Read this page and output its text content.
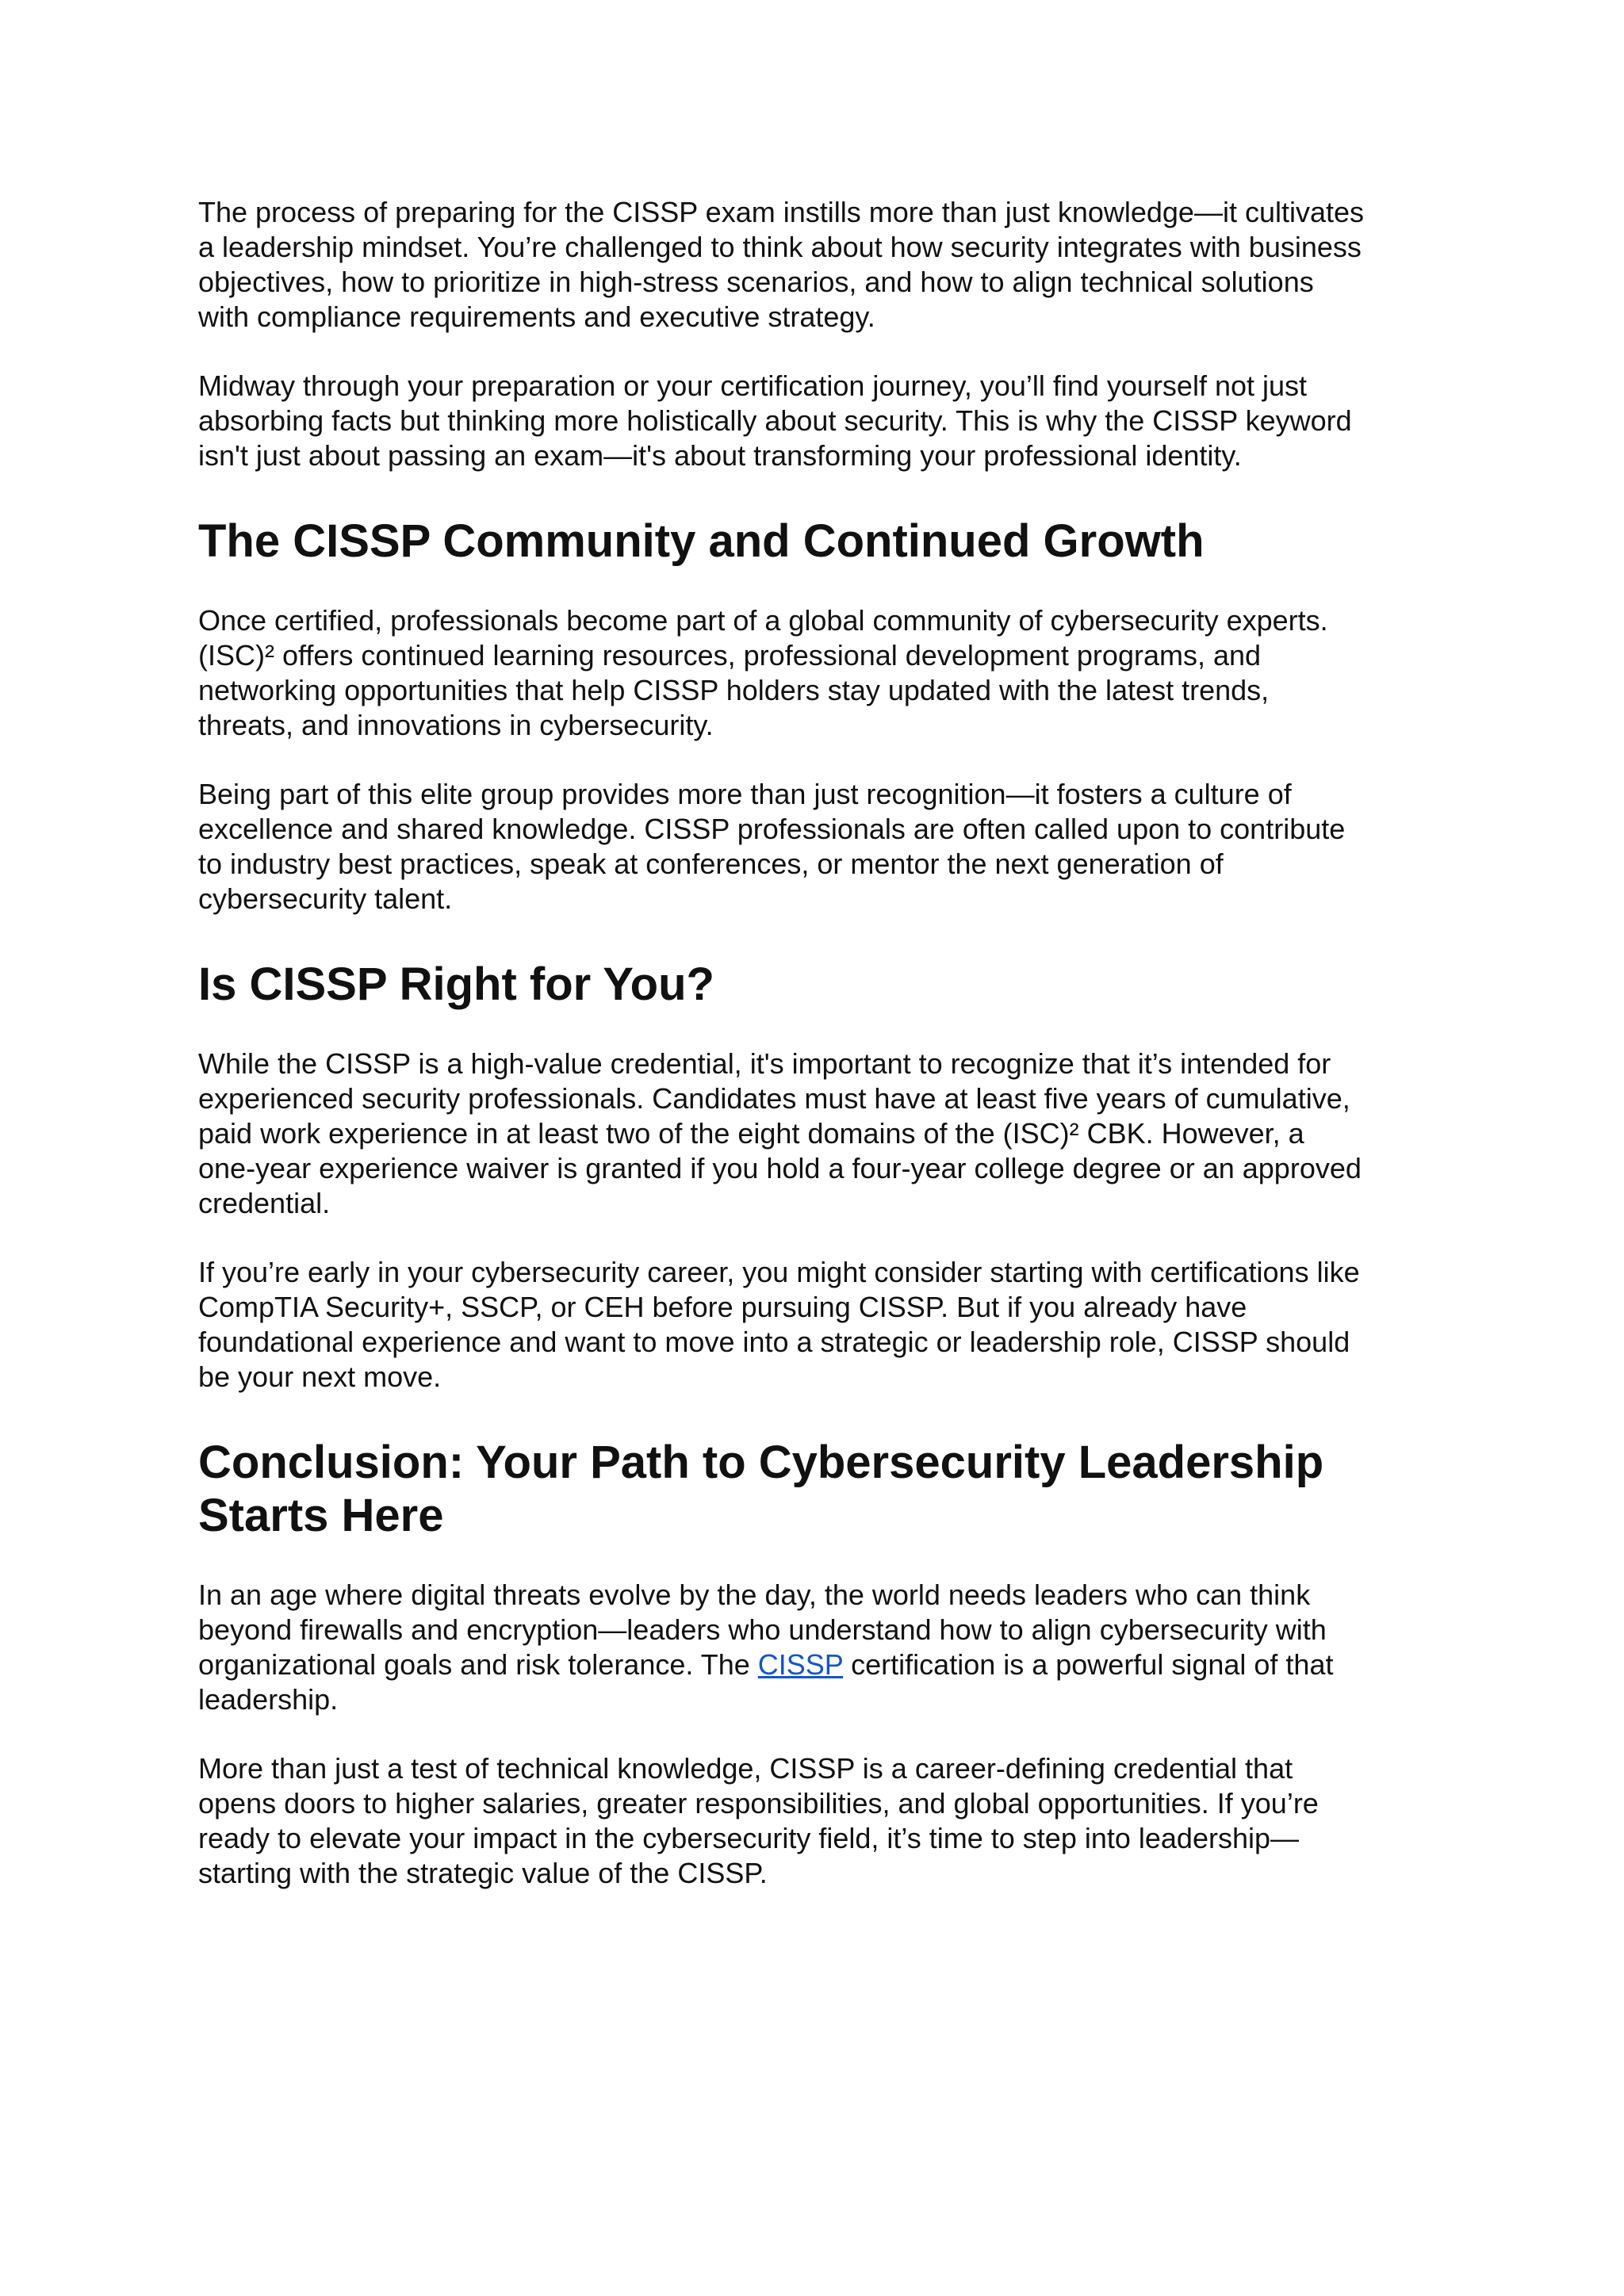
The process of preparing for the CISSP exam instills more than just knowledge—it cultivates
a leadership mindset. You’re challenged to think about how security integrates with business
objectives, how to prioritize in high-stress scenarios, and how to align technical solutions
with compliance requirements and executive strategy.

Midway through your preparation or your certification journey, you’ll find yourself not just
absorbing facts but thinking more holistically about security. This is why the CISSP keyword
isn't just about passing an exam—it's about transforming your professional identity.

The CISSP Community and Continued Growth

Once certified, professionals become part of a global community of cybersecurity experts.
(ISC)² offers continued learning resources, professional development programs, and
networking opportunities that help CISSP holders stay updated with the latest trends,
threats, and innovations in cybersecurity.

Being part of this elite group provides more than just recognition—it fosters a culture of
excellence and shared knowledge. CISSP professionals are often called upon to contribute
to industry best practices, speak at conferences, or mentor the next generation of
cybersecurity talent.

Is CISSP Right for You?

While the CISSP is a high-value credential, it's important to recognize that it’s intended for
experienced security professionals. Candidates must have at least five years of cumulative,
paid work experience in at least two of the eight domains of the (ISC)² CBK. However, a
one-year experience waiver is granted if you hold a four-year college degree or an approved
credential.

If you’re early in your cybersecurity career, you might consider starting with certifications like
CompTIA Security+, SSCP, or CEH before pursuing CISSP. But if you already have
foundational experience and want to move into a strategic or leadership role, CISSP should
be your next move.

Conclusion: Your Path to Cybersecurity Leadership
Starts Here

In an age where digital threats evolve by the day, the world needs leaders who can think
beyond firewalls and encryption—leaders who understand how to align cybersecurity with
organizational goals and risk tolerance. The CISSP certification is a powerful signal of that
leadership.

More than just a test of technical knowledge, CISSP is a career-defining credential that
opens doors to higher salaries, greater responsibilities, and global opportunities. If you’re
ready to elevate your impact in the cybersecurity field, it’s time to step into leadership—
starting with the strategic value of the CISSP.
